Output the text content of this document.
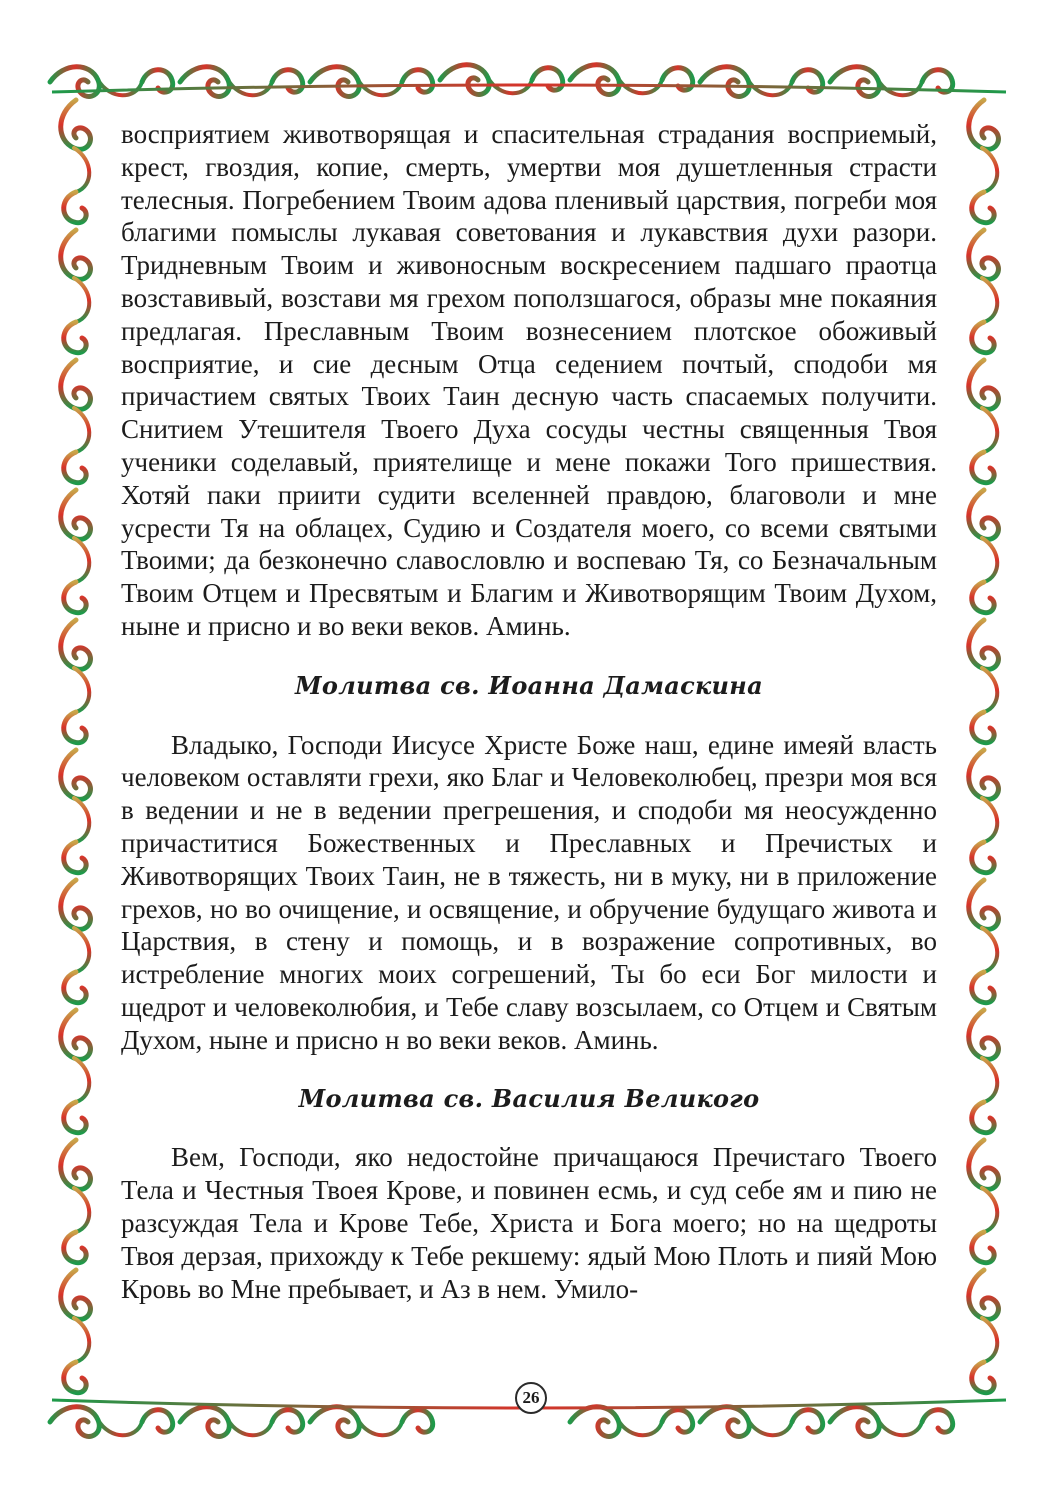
восприятием животворящая и спасительная страдания восприемый, крест, гвоздия, копие, смерть, умертви моя душетленныя страсти телесныя. Погребением Твоим адова пленивый царствия, погреби моя благими помыслы лукавая советования и лукавствия духи разори. Тридневным Твоим и живоносным воскресением падшаго праотца возставивый, возстави мя грехом поползшагося, образы мне покаяния предлагая. Преславным Твоим вознесением плотское обоживый восприятие, и сие десным Отца седением почтый, сподоби мя причастием святых Твоих Таин десную часть спасаемых получити. Снитием Утешителя Твоего Духа сосуды честны священныя Твоя ученики соделавый, приятелище и мене покажи Того пришествия. Хотяй паки приити судити вселенней правдою, благоволи и мне усрести Тя на облацех, Судию и Создателя моего, со всеми святыми Твоими; да безконечно славословлю и воспеваю Тя, со Безначальным Твоим Отцем и Пресвятым и Благим и Животворящим Твоим Духом, ныне и присно и во веки веков. Аминь.

Молитва св. Иоанна Дамаскина

Владыко, Господи Иисусе Христе Боже наш, едине имеяй власть человеком оставляти грехи, яко Благ и Человеколюбец, презри моя вся в ведении и не в ведении прегрешения, и сподоби мя неосужденно причаститися Божественных и Преславных и Пречистых и Животворящих Твоих Таин, не в тяжесть, ни в муку, ни в приложение грехов, но во очищение, и освящение, и обручение будущаго живота и Царствия, в стену и помощь, и в возражение сопротивных, во истребление многих моих согрешений, Ты бо еси Бог милости и щедрот и человеколюбия, и Тебе славу возсылаем, со Отцем и Святым Духом, ныне и присно н во веки веков. Аминь.

Молитва св. Василия Великого

Вем, Господи, яко недостойне причащаюся Пречистаго Твоего Тела и Честныя Твоея Крове, и повинен есмь, и суд себе ям и пию не разсуждая Тела и Крове Тебе, Христа и Бога моего; но на щедроты Твоя дерзая, прихожду к Тебе рекшему: ядый Мою Плоть и пияй Мою Кровь во Мне пребывает, и Аз в нем. Умило-

26
